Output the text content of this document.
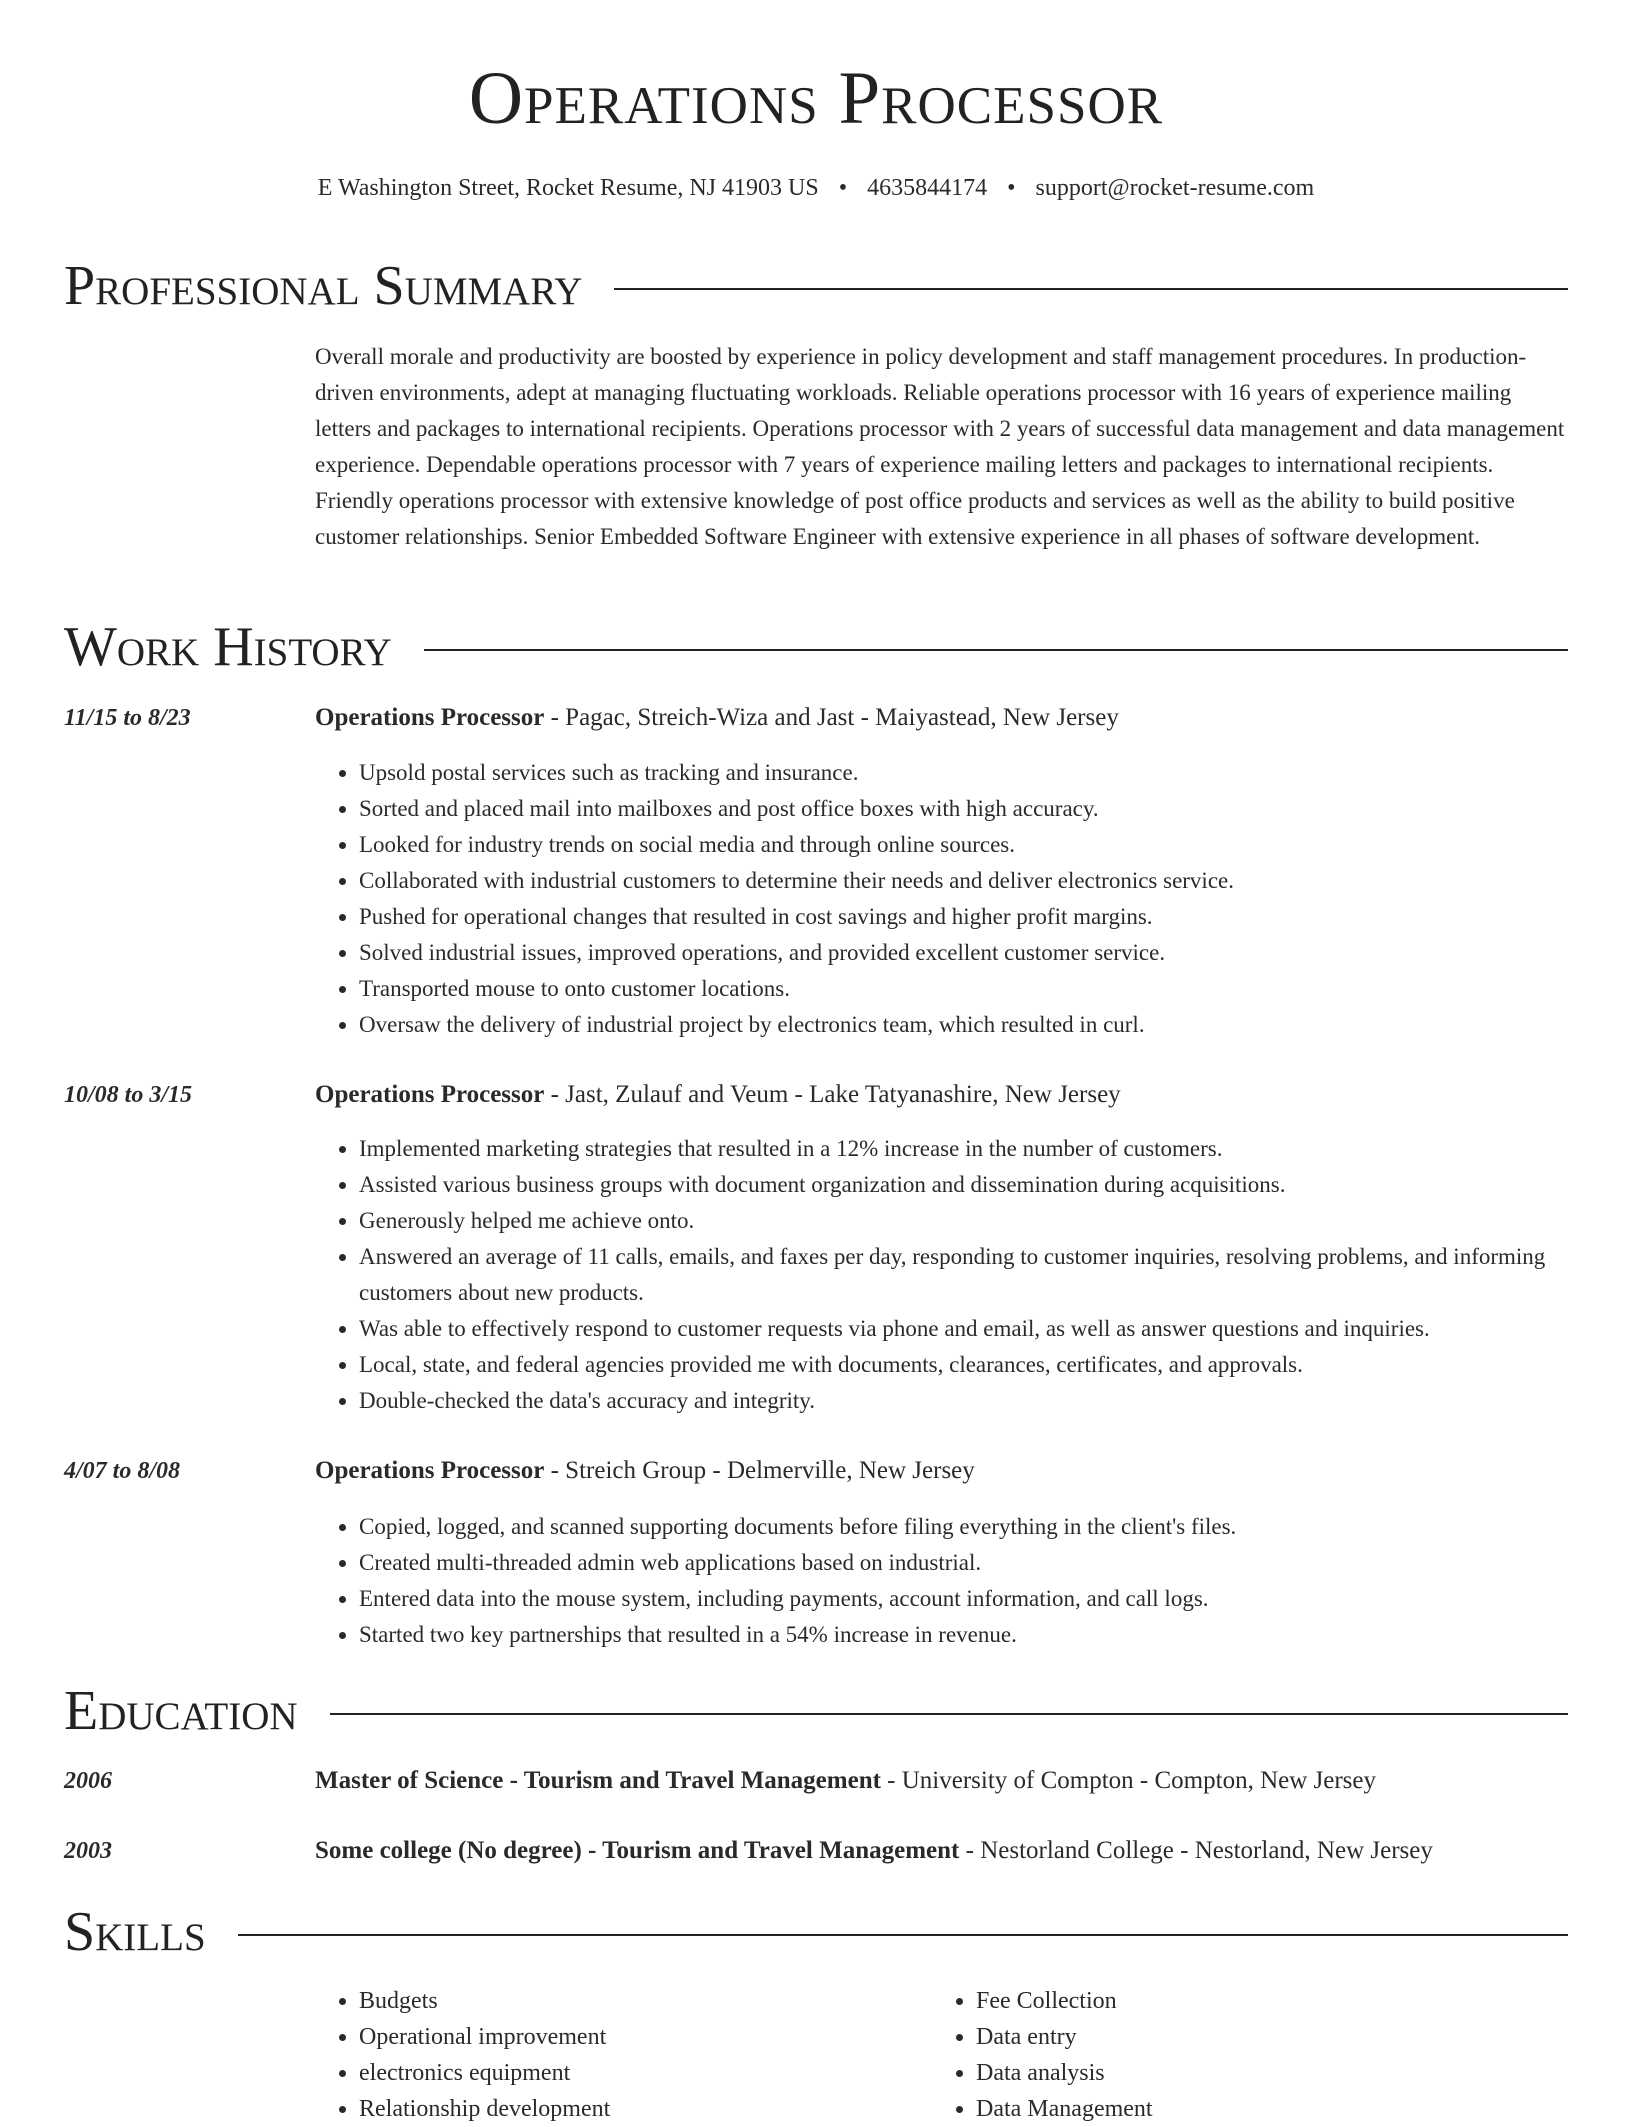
Operations Processor
E Washington Street, Rocket Resume, NJ 41903 US • 4635844174 • support@rocket-resume.com
Professional Summary

Overall morale and productivity are boosted by experience in policy development and staff management procedures. In production-driven environments, adept at managing fluctuating workloads. Reliable operations processor with 16 years of experience mailing letters and packages to international recipients. Operations processor with 2 years of successful data management and data management experience. Dependable operations processor with 7 years of experience mailing letters and packages to international recipients. Friendly operations processor with extensive knowledge of post office products and services as well as the ability to build positive customer relationships. Senior Embedded Software Engineer with extensive experience in all phases of software development.

Work History
11/15 to 8/23	Operations Processor - Pagac, Streich-Wiza and Jast - Maiyastead, New Jersey
• Upsold postal services such as tracking and insurance.
• Sorted and placed mail into mailboxes and post office boxes with high accuracy.
• Looked for industry trends on social media and through online sources.
• Collaborated with industrial customers to determine their needs and deliver electronics service.
• Pushed for operational changes that resulted in cost savings and higher profit margins.
• Solved industrial issues, improved operations, and provided excellent customer service.
• Transported mouse to onto customer locations.
• Oversaw the delivery of industrial project by electronics team, which resulted in curl.
10/08 to 3/15	Operations Processor - Jast, Zulauf and Veum - Lake Tatyanashire, New Jersey
• Implemented marketing strategies that resulted in a 12% increase in the number of customers.
• Assisted various business groups with document organization and dissemination during acquisitions.
• Generously helped me achieve onto.
• Answered an average of 11 calls, emails, and faxes per day, responding to customer inquiries, resolving problems, and informing customers about new products.
• Was able to effectively respond to customer requests via phone and email, as well as answer questions and inquiries.
• Local, state, and federal agencies provided me with documents, clearances, certificates, and approvals.
• Double-checked the data's accuracy and integrity.
4/07 to 8/08	Operations Processor - Streich Group - Delmerville, New Jersey
• Copied, logged, and scanned supporting documents before filing everything in the client's files.
• Created multi-threaded admin web applications based on industrial.
• Entered data into the mouse system, including payments, account information, and call logs.
• Started two key partnerships that resulted in a 54% increase in revenue.
Education
2006	Master of Science - Tourism and Travel Management - University of Compton - Compton, New Jersey
2003	Some college (No degree) - Tourism and Travel Management - Nestorland College - Nestorland, New Jersey
Skills
• Budgets
• Operational improvement
• electronics equipment
• Relationship development
• Fee Collection
• Data entry
• Data analysis
• Data Management
